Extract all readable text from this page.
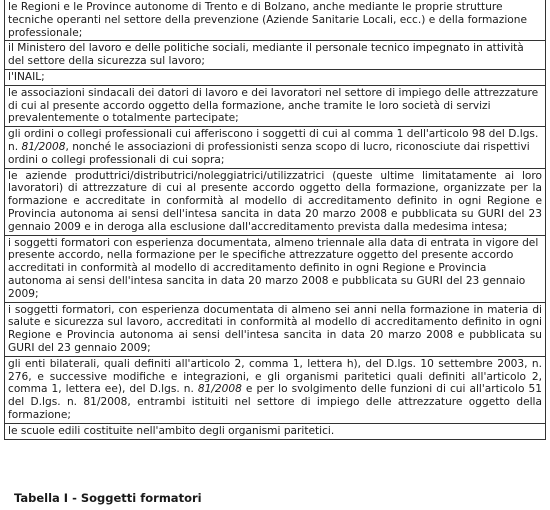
le Regioni e le Province autonome di Trento e di Bolzano, anche mediante le proprie strutture tecniche operanti nel settore della prevenzione (Aziende Sanitarie Locali, ecc.) e della formazione professionale;
il Ministero del lavoro e delle politiche sociali, mediante il personale tecnico impegnato in attività del settore della sicurezza sul lavoro;
l'INAIL;
le associazioni sindacali dei datori di lavoro e dei lavoratori nel settore di impiego delle attrezzature di cui al presente accordo oggetto della formazione, anche tramite le loro società di servizi prevalentemente o totalmente partecipate;
gli ordini o collegi professionali cui afferiscono i soggetti di cui al comma 1 dell'articolo 98 del D.lgs. n. 81/2008, nonché le associazioni di professionisti senza scopo di lucro, riconosciute dai rispettivi ordini o collegi professionali di cui sopra;
le aziende produttrici/distributrici/noleggiatrici/utilizzatrici (queste ultime limitatamente ai loro lavoratori) di attrezzature di cui al presente accordo oggetto della formazione, organizzate per la formazione e accreditate in conformità al modello di accreditamento definito in ogni Regione e Provincia autonoma ai sensi dell'intesa sancita in data 20 marzo 2008 e pubblicata su GURI del 23 gennaio 2009 e in deroga alla esclusione dall'accreditamento prevista dalla medesima intesa;
i soggetti formatori con esperienza documentata, almeno triennale alla data di entrata in vigore del presente accordo, nella formazione per le specifiche attrezzature oggetto del presente accordo accreditati in conformità al modello di accreditamento definito in ogni Regione e Provincia autonoma ai sensi dell'intesa sancita in data 20 marzo 2008 e pubblicata su GURI del 23 gennaio 2009;
i soggetti formatori, con esperienza documentata di almeno sei anni nella formazione in materia di salute e sicurezza sul lavoro, accreditati in conformità al modello di accreditamento definito in ogni Regione e Provincia autonoma ai sensi dell'intesa sancita in data 20 marzo 2008 e pubblicata su GURI del 23 gennaio 2009;
gli enti bilaterali, quali definiti all'articolo 2, comma 1, lettera h), del D.lgs. 10 settembre 2003, n. 276, e successive modifiche e integrazioni, e gli organismi paritetici quali definiti all'articolo 2, comma 1, lettera ee), del D.lgs. n. 81/2008 e per lo svolgimento delle funzioni di cui all'articolo 51 del D.lgs. n. 81/2008, entrambi istituiti nel settore di impiego delle attrezzature oggetto della formazione;
le scuole edili costituite nell'ambito degli organismi paritetici.
Tabella I - Soggetti formatori
